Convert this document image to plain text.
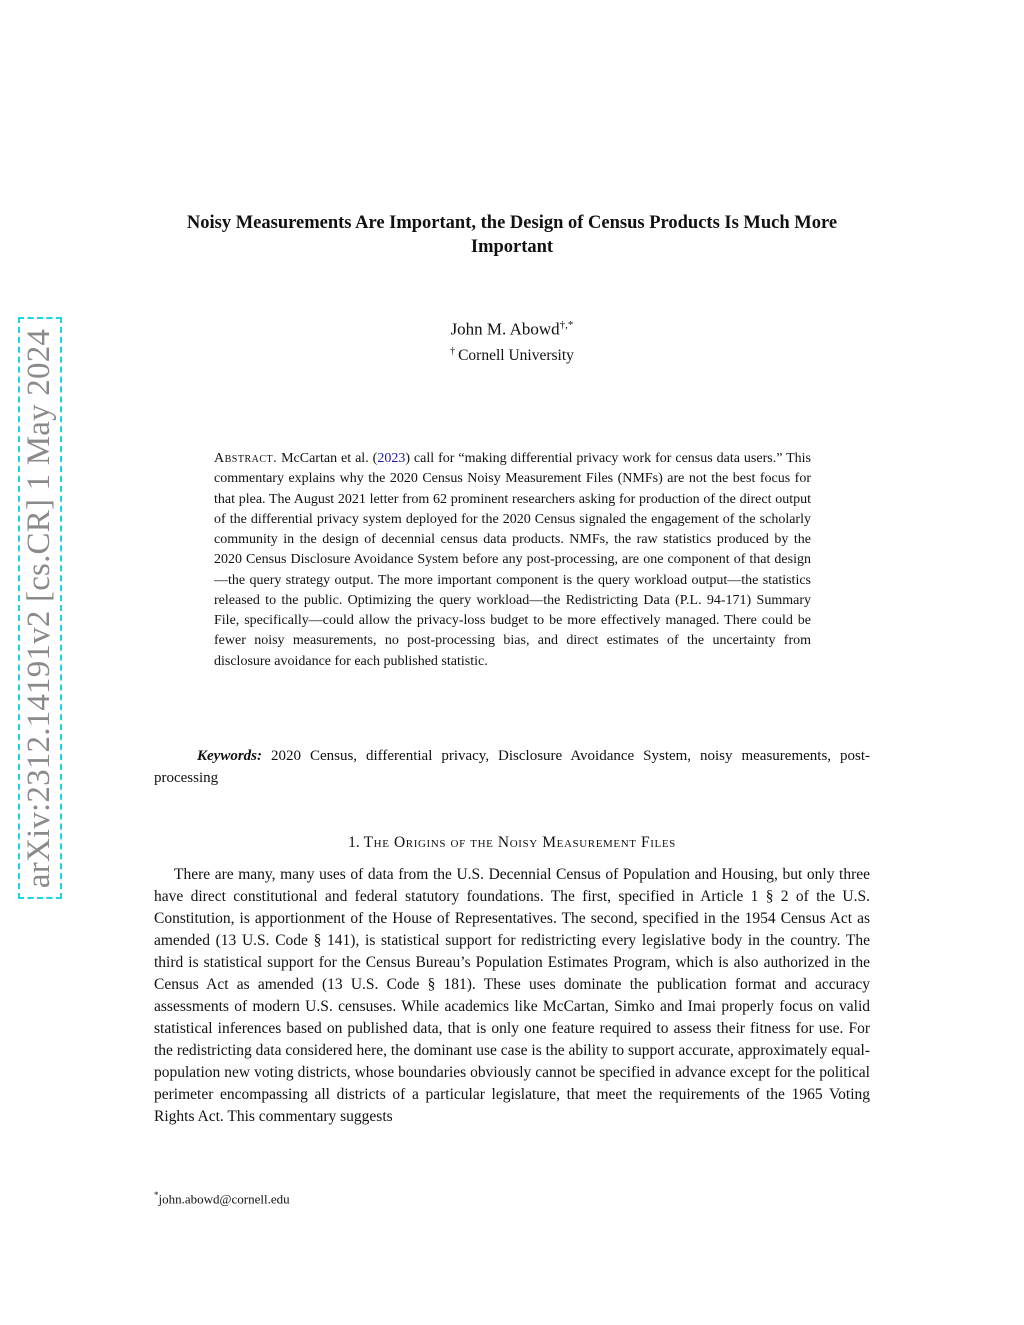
arXiv:2312.14191v2 [cs.CR] 1 May 2024
Noisy Measurements Are Important, the Design of Census Products Is Much More Important
John M. Abowd†,*
† Cornell University
Abstract. McCartan et al. (2023) call for “making differential privacy work for census data users.” This commentary explains why the 2020 Census Noisy Measurement Files (NMFs) are not the best focus for that plea. The August 2021 letter from 62 prominent researchers asking for production of the direct output of the differential privacy system deployed for the 2020 Census signaled the engagement of the scholarly community in the design of decennial census data products. NMFs, the raw statistics produced by the 2020 Census Disclosure Avoidance System before any post-processing, are one component of that design—the query strategy output. The more important component is the query workload output—the statistics released to the public. Optimizing the query workload—the Redistricting Data (P.L. 94-171) Summary File, specifically—could allow the privacy-loss budget to be more effectively managed. There could be fewer noisy measurements, no post-processing bias, and direct estimates of the uncertainty from disclosure avoidance for each published statistic.
Keywords: 2020 Census, differential privacy, Disclosure Avoidance System, noisy measurements, post-processing
1. The Origins of the Noisy Measurement Files

There are many, many uses of data from the U.S. Decennial Census of Population and Housing, but only three have direct constitutional and federal statutory foundations. The first, specified in Article 1 § 2 of the U.S. Constitution, is apportionment of the House of Representatives. The second, specified in the 1954 Census Act as amended (13 U.S. Code § 141), is statistical support for redistricting every legislative body in the country. The third is statistical support for the Census Bureau’s Population Estimates Program, which is also authorized in the Census Act as amended (13 U.S. Code § 181). These uses dominate the publication format and accuracy assessments of modern U.S. censuses. While academics like McCartan, Simko and Imai properly focus on valid statistical inferences based on published data, that is only one feature required to assess their fitness for use. For the redistricting data considered here, the dominant use case is the ability to support accurate, approximately equal-population new voting districts, whose boundaries obviously cannot be specified in advance except for the political perimeter encompassing all districts of a particular legislature, that meet the requirements of the 1965 Voting Rights Act. This commentary suggests

*john.abowd@cornell.edu
